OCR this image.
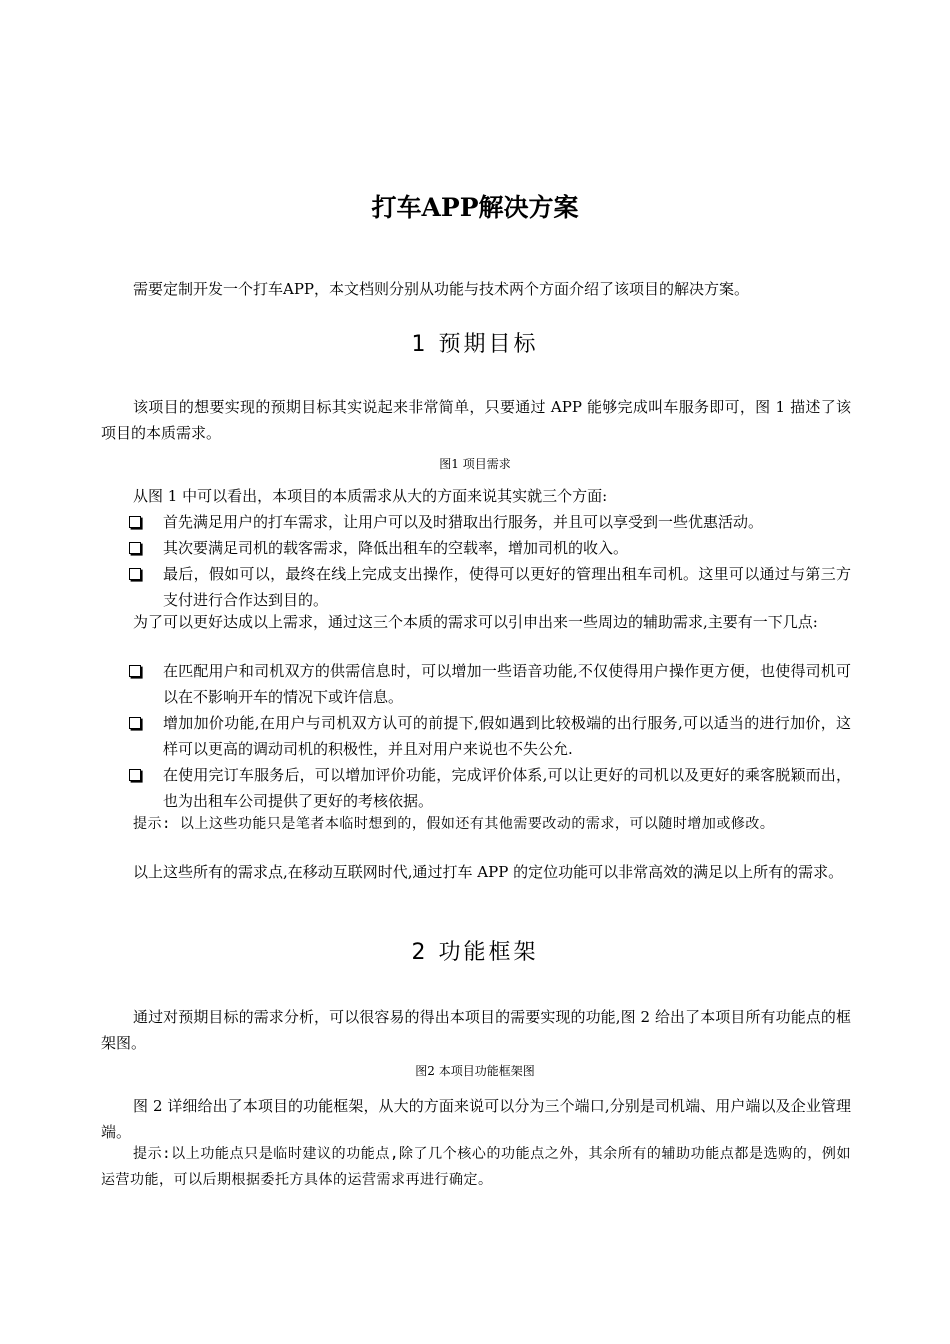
打车APP解决方案
需要定制开发一个打车APP，本文档则分别从功能与技术两个方面介绍了该项目的解决方案。
1 预期目标
该项目的想要实现的预期目标其实说起来非常简单，只要通过 APP 能够完成叫车服务即可，图 1 描述了该项目的本质需求。
图1 项目需求
从图 1 中可以看出，本项目的本质需求从大的方面来说其实就三个方面:
首先满足用户的打车需求，让用户可以及时猎取出行服务，并且可以享受到一些优惠活动。
其次要满足司机的载客需求，降低出租车的空载率，增加司机的收入。
最后，假如可以，最终在线上完成支出操作，使得可以更好的管理出租车司机。这里可以通过与第三方支付进行合作达到目的。
为了可以更好达成以上需求，通过这三个本质的需求可以引申出来一些周边的辅助需求,主要有一下几点:
在匹配用户和司机双方的供需信息时，可以增加一些语音功能,不仅使得用户操作更方便，也使得司机可以在不影响开车的情况下或许信息。
增加加价功能,在用户与司机双方认可的前提下,假如遇到比较极端的出行服务,可以适当的进行加价，这样可以更高的调动司机的积极性，并且对用户来说也不失公允.
在使用完订车服务后，可以增加评价功能，完成评价体系,可以让更好的司机以及更好的乘客脱颖而出，也为出租车公司提供了更好的考核依据。
提示: 以上这些功能只是笔者本临时想到的，假如还有其他需要改动的需求，可以随时增加或修改。
以上这些所有的需求点,在移动互联网时代,通过打车 APP 的定位功能可以非常高效的满足以上所有的需求。
2 功能框架
通过对预期目标的需求分析，可以很容易的得出本项目的需要实现的功能,图 2 给出了本项目所有功能点的框架图。
图2 本项目功能框架图
图 2 详细给出了本项目的功能框架，从大的方面来说可以分为三个端口,分别是司机端、用户端以及企业管理端。
提示:以上功能点只是临时建议的功能点,除了几个核心的功能点之外，其余所有的辅助功能点都是选购的，例如运营功能，可以后期根据委托方具体的运营需求再进行确定。
